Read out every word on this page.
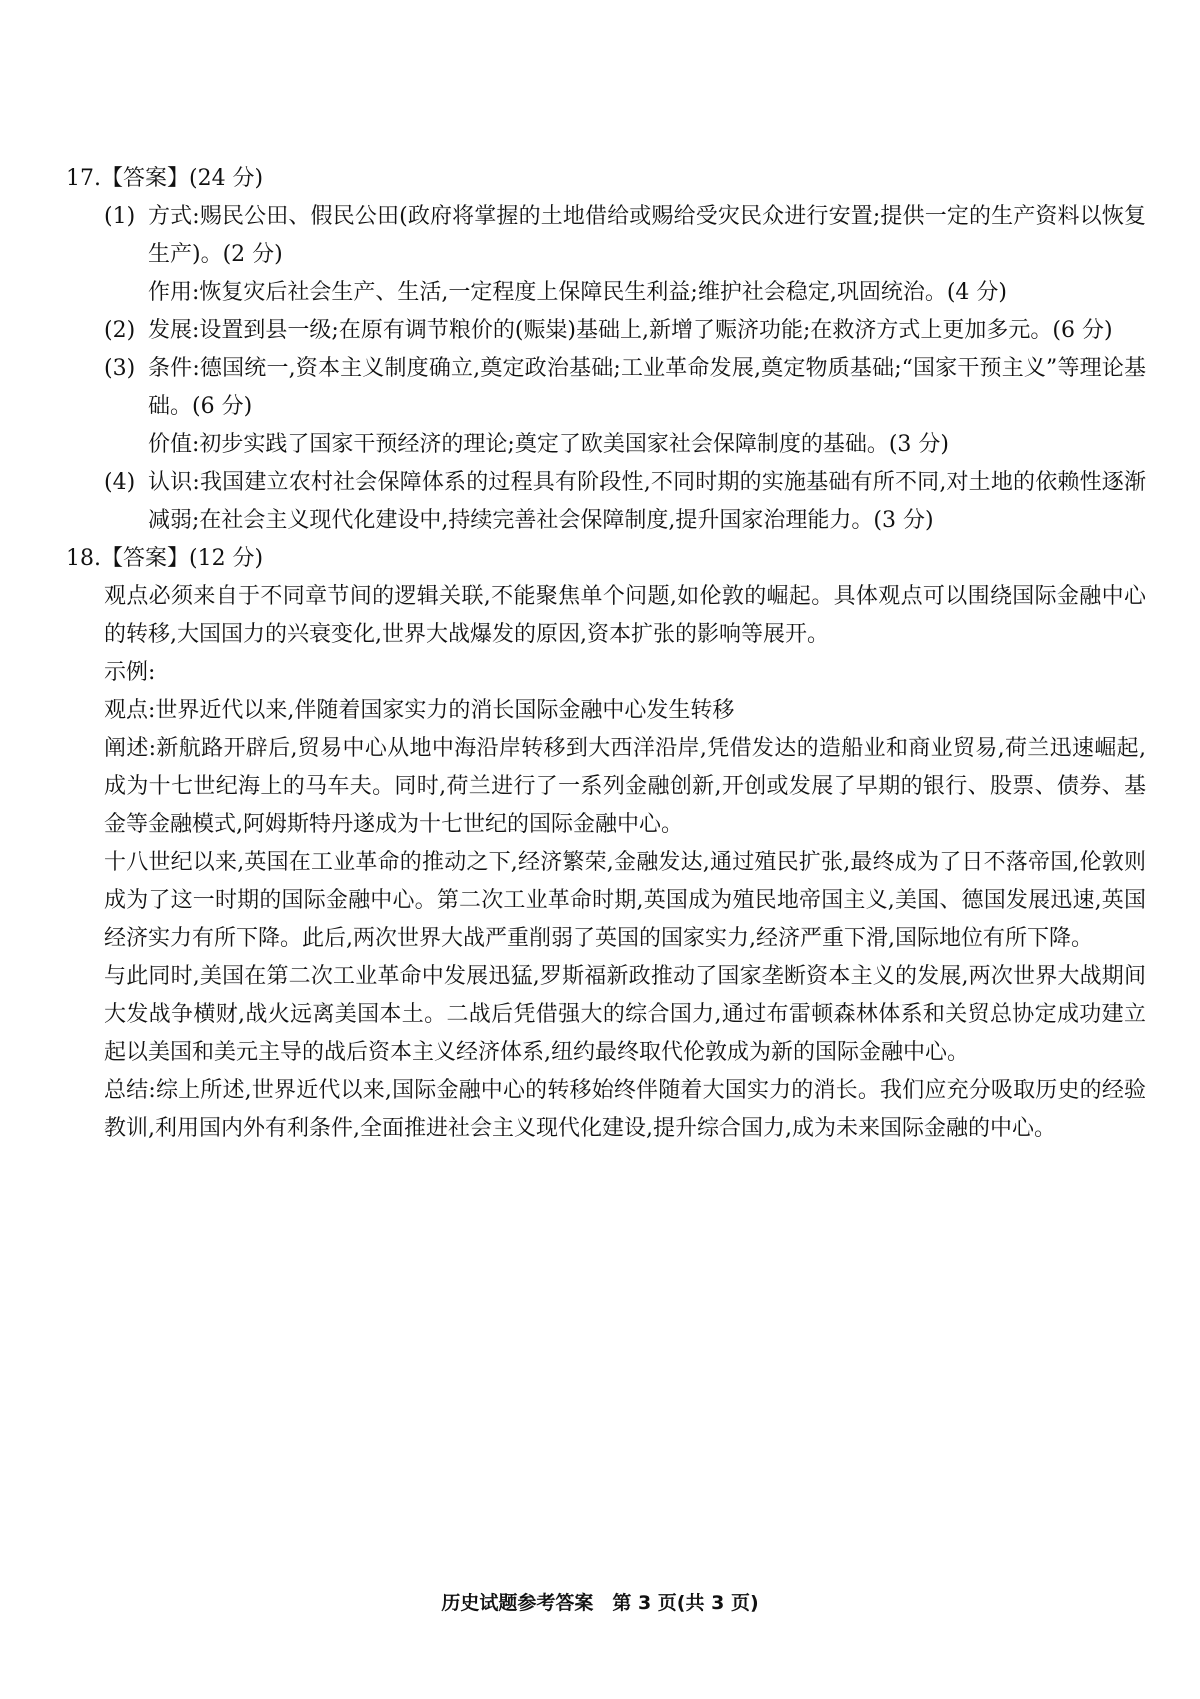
17.【答案】(24 分)

(1) 方式:赐民公田、假民公田(政府将掌握的土地借给或赐给受灾民众进行安置;提供一定的生产资料以恢复生产)。(2 分)

作用:恢复灾后社会生产、生活,一定程度上保障民生利益;维护社会稳定,巩固统治。(4 分)

(2) 发展:设置到县一级;在原有调节粮价的(赈粜)基础上,新增了赈济功能;在救济方式上更加多元。(6 分)

(3) 条件:德国统一,资本主义制度确立,奠定政治基础;工业革命发展,奠定物质基础;“国家干预主义”等理论基础。(6 分)

价值:初步实践了国家干预经济的理论;奠定了欧美国家社会保障制度的基础。(3 分)

(4) 认识:我国建立农村社会保障体系的过程具有阶段性,不同时期的实施基础有所不同,对土地的依赖性逐渐减弱;在社会主义现代化建设中,持续完善社会保障制度,提升国家治理能力。(3 分)

18.【答案】(12 分)

观点必须来自于不同章节间的逻辑关联,不能聚焦单个问题,如伦敦的崛起。具体观点可以围绕国际金融中心的转移,大国国力的兴衰变化,世界大战爆发的原因,资本扩张的影响等展开。

示例:

观点:世界近代以来,伴随着国家实力的消长国际金融中心发生转移

阐述:新航路开辟后,贸易中心从地中海沿岸转移到大西洋沿岸,凭借发达的造船业和商业贸易,荷兰迅速崛起,成为十七世纪海上的马车夫。同时,荷兰进行了一系列金融创新,开创或发展了早期的银行、股票、债券、基金等金融模式,阿姆斯特丹遂成为十七世纪的国际金融中心。

十八世纪以来,英国在工业革命的推动之下,经济繁荣,金融发达,通过殖民扩张,最终成为了日不落帝国,伦敦则成为了这一时期的国际金融中心。第二次工业革命时期,英国成为殖民地帝国主义,美国、德国发展迅速,英国经济实力有所下降。此后,两次世界大战严重削弱了英国的国家实力,经济严重下滑,国际地位有所下降。

与此同时,美国在第二次工业革命中发展迅猛,罗斯福新政推动了国家垄断资本主义的发展,两次世界大战期间大发战争横财,战火远离美国本土。二战后凭借强大的综合国力,通过布雷顿森林体系和关贸总协定成功建立起以美国和美元主导的战后资本主义经济体系,纽约最终取代伦敦成为新的国际金融中心。

总结:综上所述,世界近代以来,国际金融中心的转移始终伴随着大国实力的消长。我们应充分吸取历史的经验教训,利用国内外有利条件,全面推进社会主义现代化建设,提升综合国力,成为未来国际金融的中心。

历史试题参考答案　第 3 页(共 3 页)
